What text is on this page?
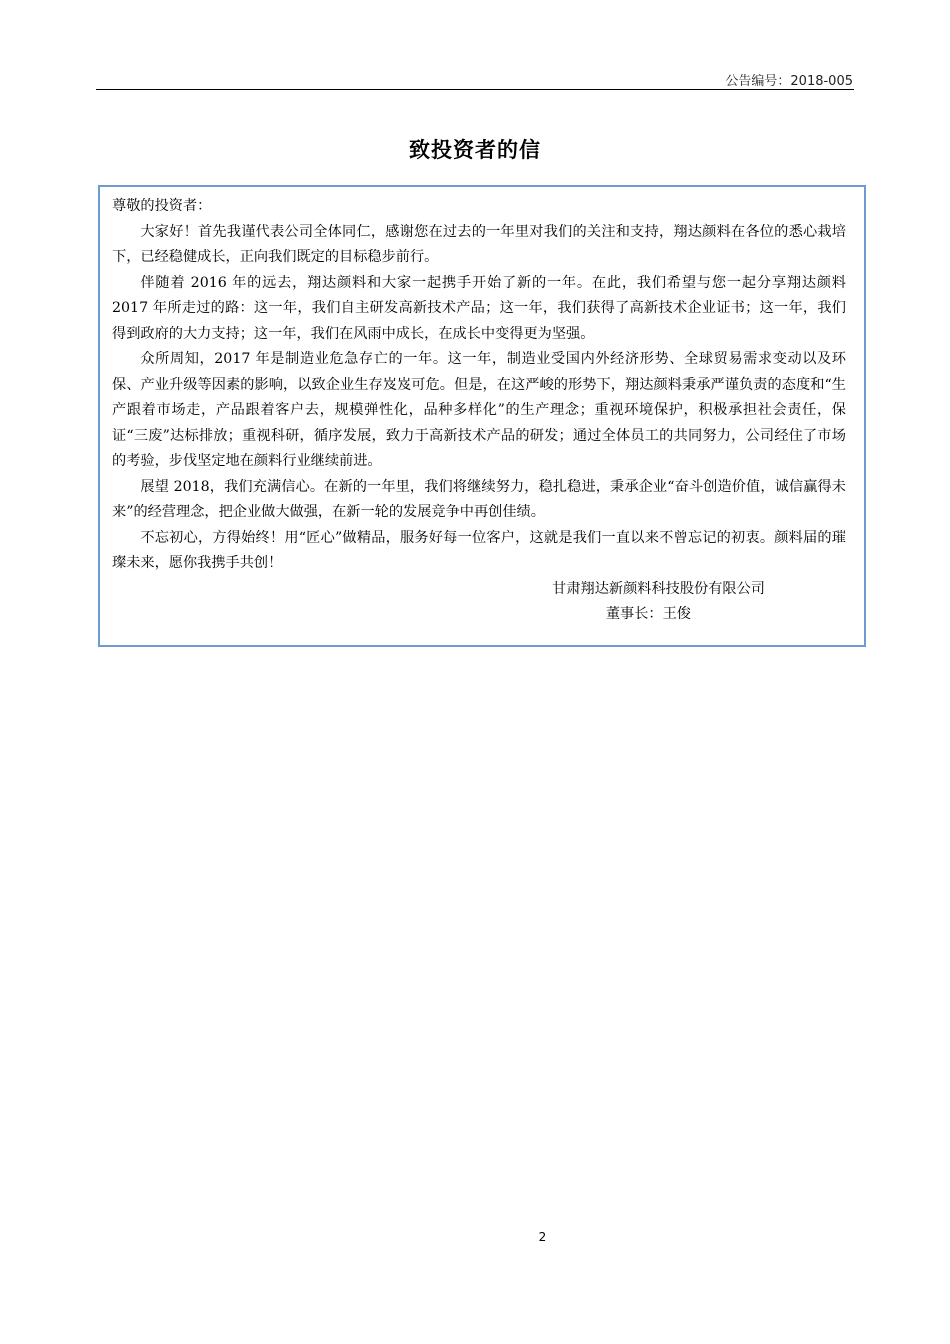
公告编号：2018-005
致投资者的信

尊敬的投资者：

大家好！首先我谨代表公司全体同仁，感谢您在过去的一年里对我们的关注和支持，翔达颜料在各位的悉心栽培下，已经稳健成长，正向我们既定的目标稳步前行。

伴随着 2016 年的远去，翔达颜料和大家一起携手开始了新的一年。在此，我们希望与您一起分享翔达颜料 2017 年所走过的路：这一年，我们自主研发高新技术产品；这一年，我们获得了高新技术企业证书；这一年，我们得到政府的大力支持；这一年，我们在风雨中成长，在成长中变得更为坚强。

众所周知，2017 年是制造业危急存亡的一年。这一年，制造业受国内外经济形势、全球贸易需求变动以及环保、产业升级等因素的影响，以致企业生存岌岌可危。但是，在这严峻的形势下，翔达颜料秉承严谨负责的态度和“生产跟着市场走，产品跟着客户去，规模弹性化，品种多样化”的生产理念；重视环境保护，积极承担社会责任，保证“三废”达标排放；重视科研，循序发展，致力于高新技术产品的研发；通过全体员工的共同努力，公司经住了市场的考验，步伐坚定地在颜料行业继续前进。

展望 2018，我们充满信心。在新的一年里，我们将继续努力，稳扎稳进，秉承企业“奋斗创造价值，诚信赢得未来”的经营理念，把企业做大做强，在新一轮的发展竞争中再创佳绩。

不忘初心，方得始终！用“匠心”做精品，服务好每一位客户，这就是我们一直以来不曾忘记的初衷。颜料届的璀璨未来，愿你我携手共创！

甘肃翔达新颜料科技股份有限公司

董事长：王俊

2
